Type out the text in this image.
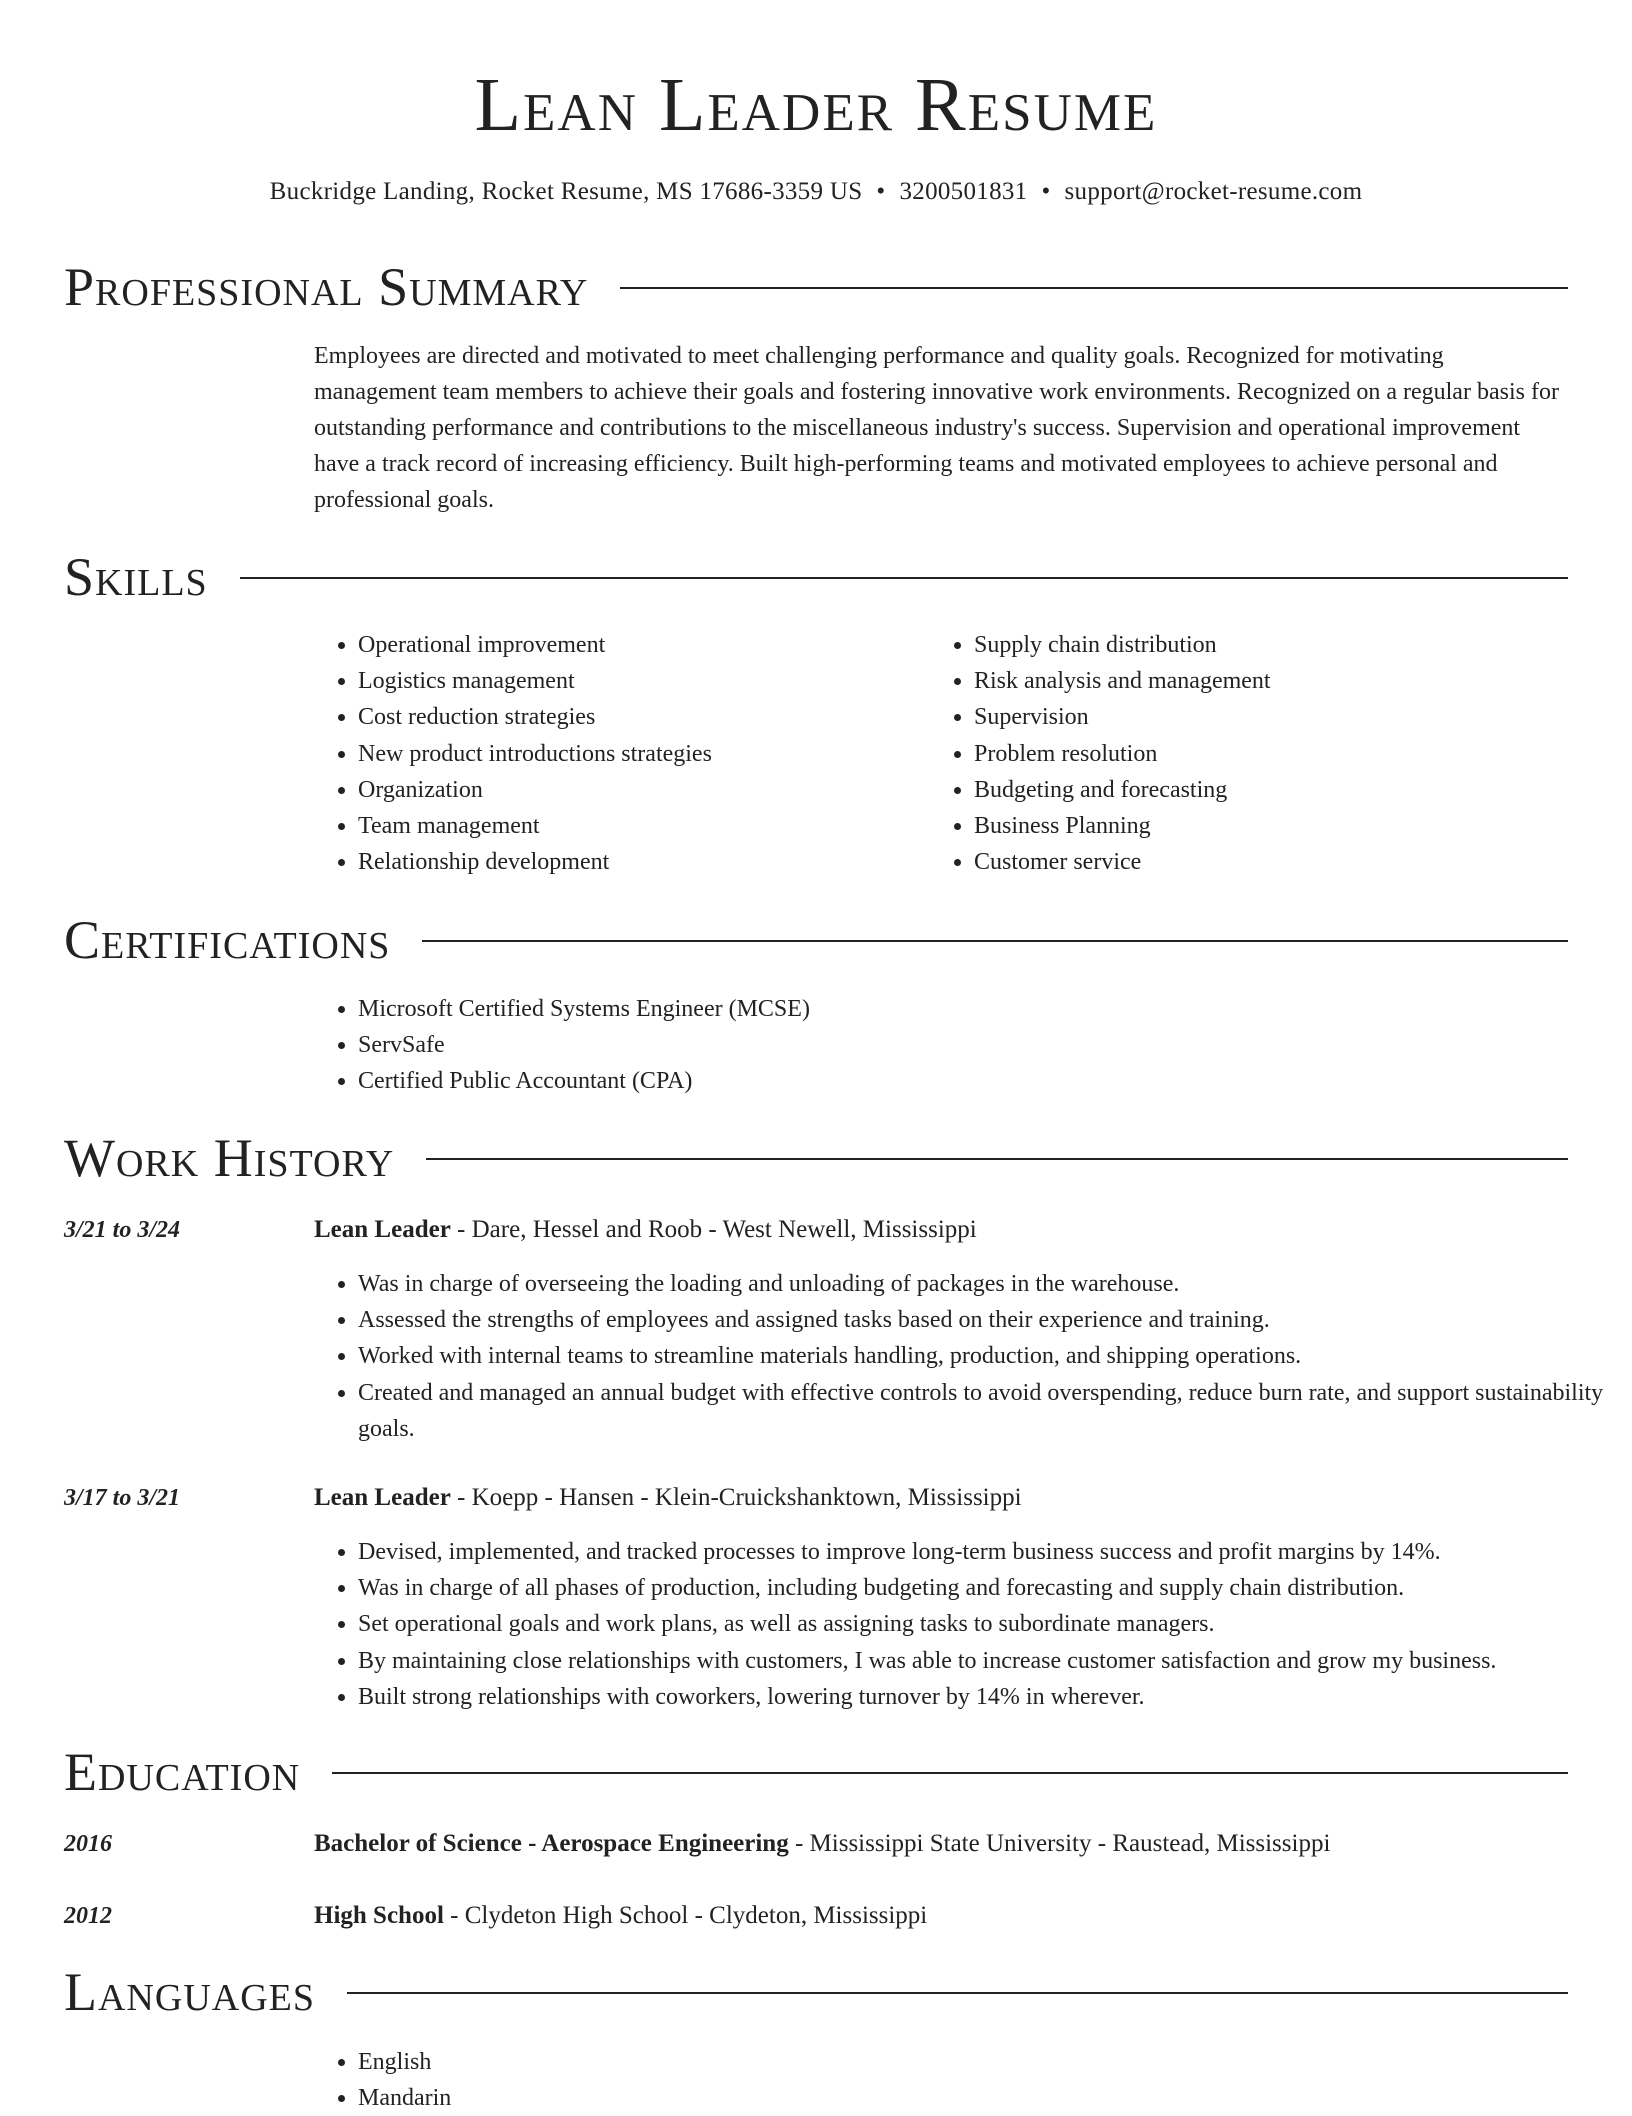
Lean Leader Resume
Buckridge Landing, Rocket Resume, MS 17686-3359 US • 3200501831 • support@rocket-resume.com
Professional Summary

Employees are directed and motivated to meet challenging performance and quality goals. Recognized for motivating management team members to achieve their goals and fostering innovative work environments. Recognized on a regular basis for outstanding performance and contributions to the miscellaneous industry's success. Supervision and operational improvement have a track record of increasing efficiency. Built high-performing teams and motivated employees to achieve personal and professional goals.

Skills
• Operational improvement
• Logistics management
• Cost reduction strategies
• New product introductions strategies
• Organization
• Team management
• Relationship development
• Supply chain distribution
• Risk analysis and management
• Supervision
• Problem resolution
• Budgeting and forecasting
• Business Planning
• Customer service
Certifications
• Microsoft Certified Systems Engineer (MCSE)
• ServSafe
• Certified Public Accountant (CPA)
Work History
3/21 to 3/24	Lean Leader - Dare, Hessel and Roob - West Newell, Mississippi
• Was in charge of overseeing the loading and unloading of packages in the warehouse.
• Assessed the strengths of employees and assigned tasks based on their experience and training.
• Worked with internal teams to streamline materials handling, production, and shipping operations.
• Created and managed an annual budget with effective controls to avoid overspending, reduce burn rate, and support sustainability goals.
3/17 to 3/21	Lean Leader - Koepp - Hansen - Klein-Cruickshanktown, Mississippi
• Devised, implemented, and tracked processes to improve long-term business success and profit margins by 14%.
• Was in charge of all phases of production, including budgeting and forecasting and supply chain distribution.
• Set operational goals and work plans, as well as assigning tasks to subordinate managers.
• By maintaining close relationships with customers, I was able to increase customer satisfaction and grow my business.
• Built strong relationships with coworkers, lowering turnover by 14% in wherever.
Education
2016	Bachelor of Science - Aerospace Engineering - Mississippi State University - Raustead, Mississippi
2012	High School - Clydeton High School - Clydeton, Mississippi
Languages
• English
• Mandarin
